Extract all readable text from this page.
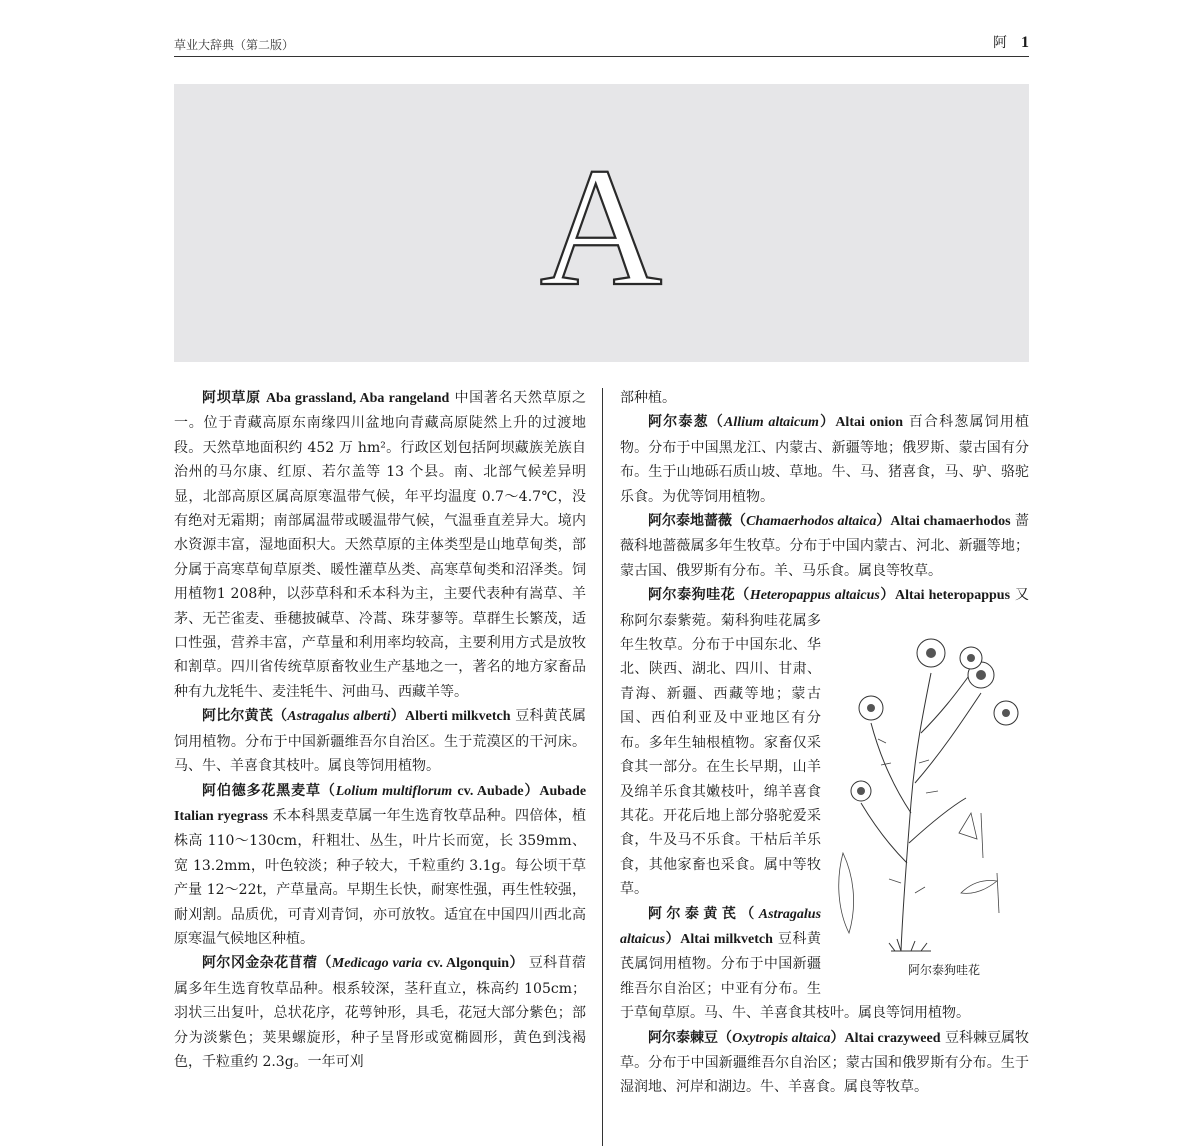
草业大辞典（第二版）	阿 1
A

阿坝草原 Aba grassland, Aba rangeland 中国著名天然草原之一。位于青藏高原东南缘四川盆地向青藏高原陡然上升的过渡地段。天然草地面积约 452 万 hm²。行政区划包括阿坝藏族羌族自治州的马尔康、红原、若尔盖等 13 个县。南、北部气候差异明显，北部高原区属高原寒温带气候，年平均温度 0.7～4.7℃，没有绝对无霜期；南部属温带或暖温带气候，气温垂直差异大。境内水资源丰富，湿地面积大。天然草原的主体类型是山地草甸类，部分属于高寒草甸草原类、暖性灌草丛类、高寒草甸类和沼泽类。饲用植物1 208种，以莎草科和禾本科为主，主要代表种有嵩草、羊茅、无芒雀麦、垂穗披碱草、冷蒿、珠芽蓼等。草群生长繁茂，适口性强，营养丰富，产草量和利用率均较高，主要利用方式是放牧和割草。四川省传统草原畜牧业生产基地之一，著名的地方家畜品种有九龙牦牛、麦洼牦牛、河曲马、西藏羊等。

阿比尔黄芪（Astragalus alberti）Alberti milkvetch 豆科黄芪属饲用植物。分布于中国新疆维吾尔自治区。生于荒漠区的干河床。马、牛、羊喜食其枝叶。属良等饲用植物。

阿伯德多花黑麦草（Lolium multiflorum cv. Aubade）Aubade Italian ryegrass 禾本科黑麦草属一年生选育牧草品种。四倍体，植株高 110～130cm，秆粗壮、丛生，叶片长而宽，长 359mm、宽 13.2mm，叶色较淡；种子较大，千粒重约 3.1g。每公顷干草产量 12～22t，产草量高。早期生长快，耐寒性强，再生性较强，耐刈割。品质优，可青刈青饲，亦可放牧。适宜在中国四川西北高原寒温气候地区种植。

阿尔冈金杂花苜蓿（Medicago varia cv. Algonquin） 豆科苜蓿属多年生选育牧草品种。根系较深，茎秆直立，株高约 105cm；羽状三出复叶，总状花序，花萼钟形，具毛，花冠大部分紫色；部分为淡紫色；荚果螺旋形，种子呈肾形或宽椭圆形，黄色到浅褐色，千粒重约 2.3g。一年可刈

部种植。

阿尔泰葱（Allium altaicum）Altai onion 百合科葱属饲用植物。分布于中国黑龙江、内蒙古、新疆等地；俄罗斯、蒙古国有分布。生于山地砾石质山坡、草地。牛、马、猪喜食，马、驴、骆驼乐食。为优等饲用植物。

阿尔泰地蔷薇（Chamaerhodos altaica）Altai chamaerhodos 蔷薇科地蔷薇属多年生牧草。分布于中国内蒙古、河北、新疆等地；蒙古国、俄罗斯有分布。羊、马乐食。属良等牧草。

阿尔泰狗哇花（Heteropappus altaicus）Altai heteropappus
阿尔泰狗哇花
又称阿尔泰紫菀。菊科狗哇花属多年生牧草。分布于中国东北、华北、陕西、湖北、四川、甘肃、青海、新疆、西藏等地；蒙古国、西伯利亚及中亚地区有分布。多年生轴根植物。家畜仅采食其一部分。在生长早期，山羊及绵羊乐食其嫩枝叶，绵羊喜食其花。开花后地上部分骆驼爱采食，牛及马不乐食。干枯后羊乐食，其他家畜也采食。属中等牧草。

阿尔泰黄芪（Astragalus altaicus）Altai milkvetch 豆科黄芪属饲用植物。分布于中国新疆维吾尔自治区；中亚有分布。生于草甸草原。马、牛、羊喜食其枝叶。属良等饲用植物。

阿尔泰棘豆（Oxytropis altaica）Altai crazyweed 豆科棘豆属牧草。分布于中国新疆维吾尔自治区；蒙古国和俄罗斯有分布。生于湿润地、河岸和湖边。牛、羊喜食。属良等牧草。
